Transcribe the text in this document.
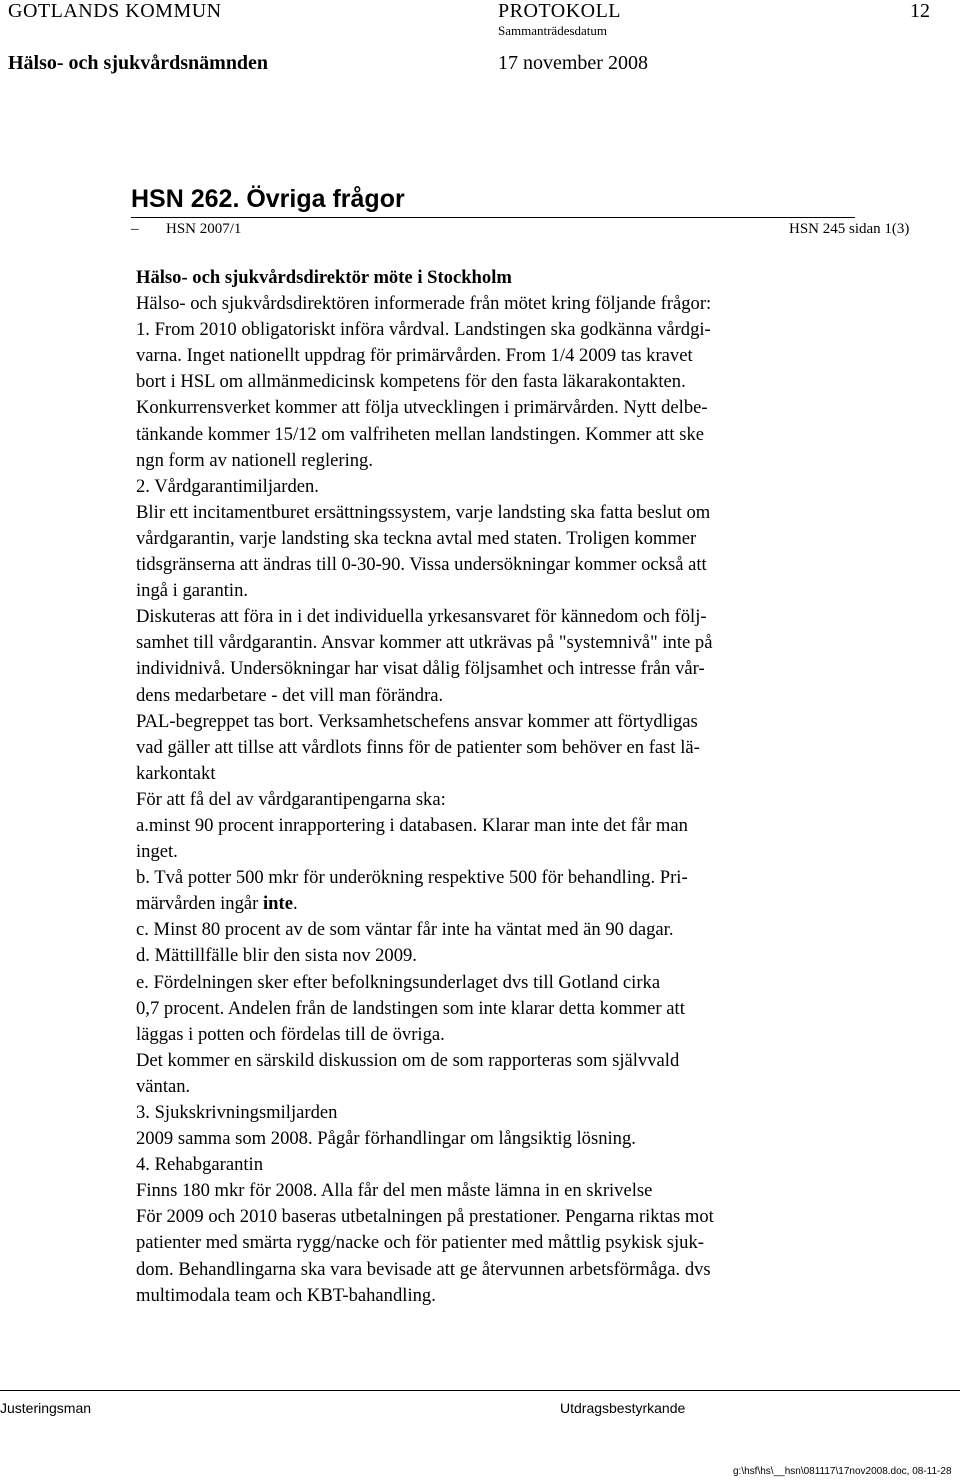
GOTLANDS KOMMUN	PROTOKOLL	12
Sammanträdesdatum
Hälso- och sjukvårdsnämnden	17 november 2008
HSN 262. Övriga frågor
– HSN 2007/1	HSN 245 sidan 1(3)
Hälso- och sjukvårdsdirektör möte i Stockholm
Hälso- och sjukvårdsdirektören informerade från mötet kring följande frågor:
1. From 2010 obligatoriskt införa vårdval. Landstingen ska godkänna vårdgi-
varna. Inget nationellt uppdrag för primärvården. From 1/4 2009 tas kravet
bort i HSL om allmänmedicinsk kompetens för den fasta läkarakontakten.
Konkurrensverket kommer att följa utvecklingen i primärvården. Nytt delbe-
tänkande kommer 15/12 om valfriheten mellan landstingen. Kommer att ske
ngn form av nationell reglering.
2. Vårdgarantimiljarden.
Blir ett incitamentburet ersättningssystem, varje landsting ska fatta beslut om
vårdgarantin, varje landsting ska teckna avtal med staten. Troligen kommer
tidsgränserna att ändras till 0-30-90. Vissa undersökningar kommer också att
ingå i garantin.
Diskuteras att föra in i det individuella yrkesansvaret för kännedom och följ-
samhet till vårdgarantin. Ansvar kommer att utkrävas på "systemnivå" inte på
individnivå. Undersökningar har visat dålig följsamhet och intresse från vår-
dens medarbetare - det vill man förändra.
PAL-begreppet tas bort. Verksamhetschefens ansvar kommer att förtydligas
vad gäller att tillse att vårdlots finns för de patienter som behöver en fast lä-
karkontakt
För att få del av vårdgarantipengarna ska:
a.minst 90 procent inrapportering i databasen. Klarar man inte det får man
inget.
b. Två potter 500 mkr för underökning respektive 500 för behandling. Pri-
märvården ingår inte.
c. Minst 80 procent av de som väntar får inte ha väntat med än 90 dagar.
d. Mättillfälle blir den sista nov 2009.
e. Fördelningen sker efter befolkningsunderlaget dvs till Gotland cirka
0,7 procent. Andelen från de landstingen som inte klarar detta kommer att
läggas i potten och fördelas till de övriga.
Det kommer en särskild diskussion om de som rapporteras som självvald
väntan.
3. Sjukskrivningsmiljarden
2009 samma som 2008. Pågår förhandlingar om långsiktig lösning.
4. Rehabgarantin
Finns 180 mkr för 2008. Alla får del men måste lämna in en skrivelse
För 2009 och 2010 baseras utbetalningen på prestationer. Pengarna riktas mot
patienter med smärta rygg/nacke och för patienter med måttlig psykisk sjuk-
dom. Behandlingarna ska vara bevisade att ge återvunnen arbetsförmåga. dvs
multimodala team och KBT-bahandling.
Justeringsman	Utdragsbestyrkande
g:\hsf\hs\__hsn\081117\17nov2008.doc, 08-11-28
